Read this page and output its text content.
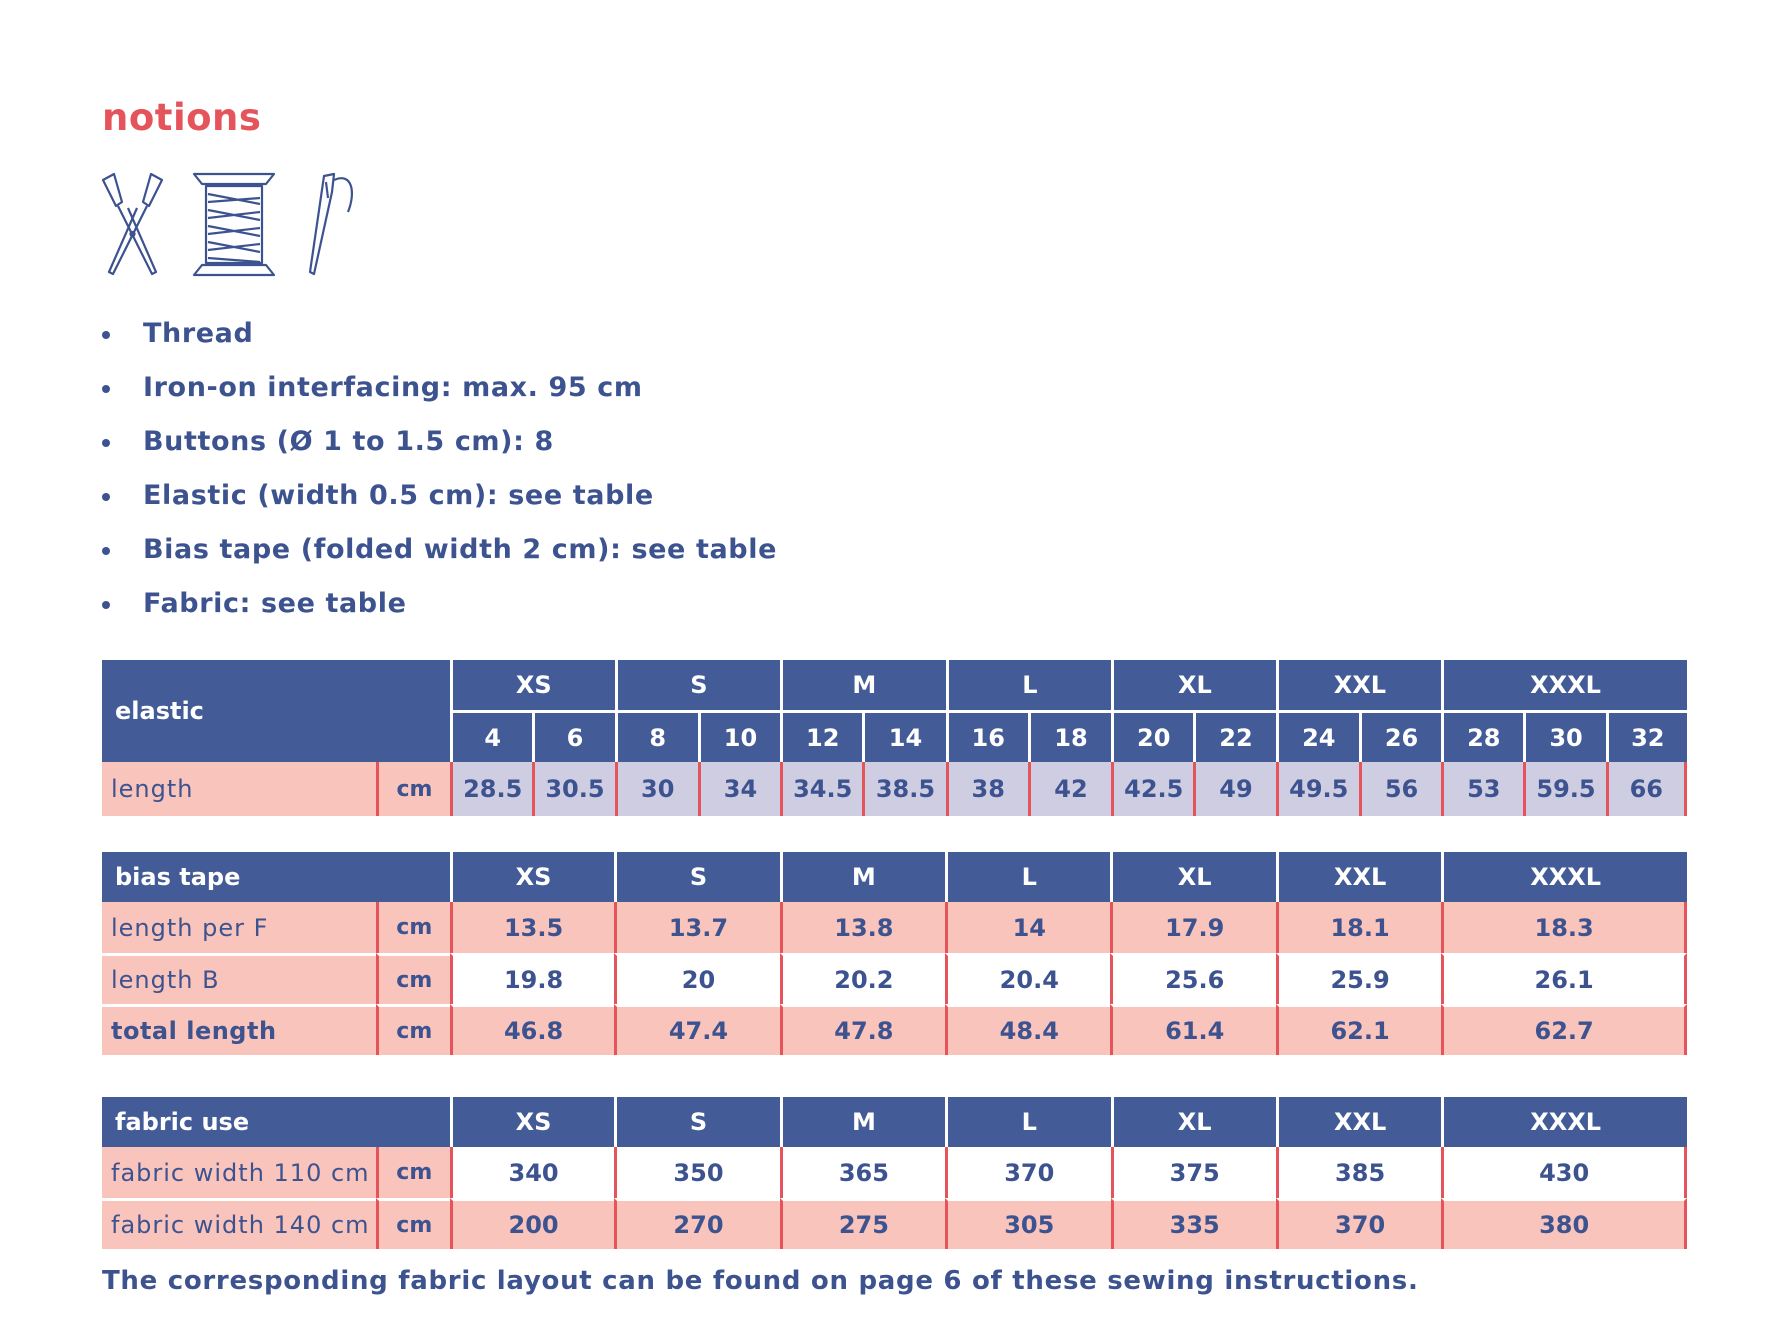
notions
Thread
Iron-on interfacing: max. 95 cm
Buttons (Ø 1 to 1.5 cm): 8
Elastic (width 0.5 cm): see table
Bias tape (folded width 2 cm): see table
Fabric: see table
elastic		XS		S		M		L		XL		XXL		XXXL		
		4	6	8	10	12	14	16	18	20	22	24	26	28	30	32
length	cm	28.5	30.5	30	34	34.5	38.5	38	42	42.5	49	49.5	56	53	59.5	66
bias tape		XS	S	M	L	XL	XXL	XXXL
length per F	cm	13.5	13.7	13.8	14	17.9	18.1	18.3
length B	cm	19.8	20	20.2	20.4	25.6	25.9	26.1
total length	cm	46.8	47.4	47.8	48.4	61.4	62.1	62.7
fabric use		XS	S	M	L	XL	XXL	XXXL
fabric width 110 cm	cm	340	350	365	370	375	385	430
fabric width 140 cm	cm	200	270	275	305	335	370	380
The corresponding fabric layout can be found on page 6 of these sewing instructions.
